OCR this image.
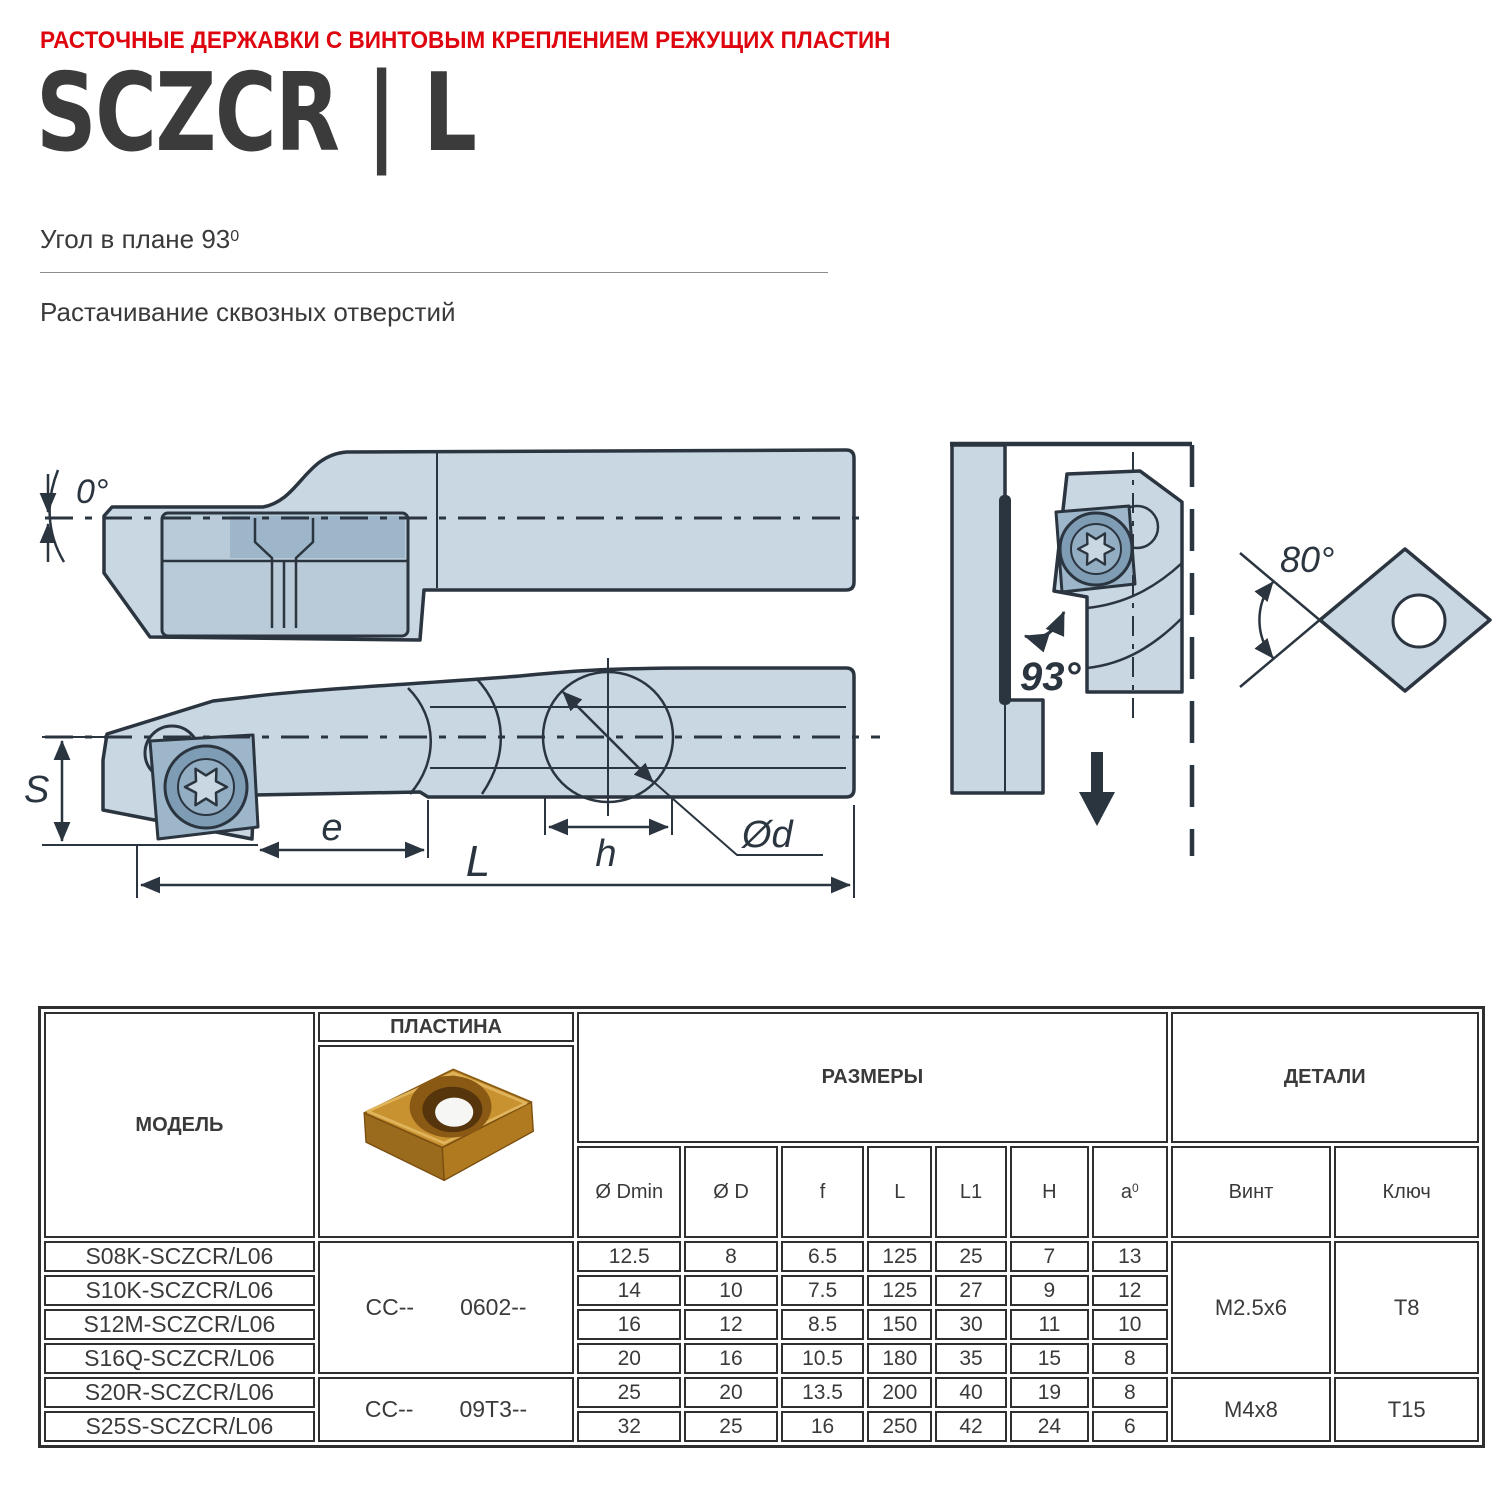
РАСТОЧНЫЕ ДЕРЖАВКИ С ВИНТОВЫМ КРЕПЛЕНИЕМ РЕЖУЩИХ ПЛАСТИН
SCZCR | L
Угол в плане $93^0$
Растачивание сквозных отверстий
0°
S
e
L	h	Ød
93°
80°
МОДЕЛЬ	ПЛАСТИНА	РАЗМЕРЫ							ДЕТАЛИ	

		Ø Dmin	Ø D	f	L	L1	H	$a^0$	Винт	Ключ
S08K-SCZCR/L06	CC-- 0602--	12.5	8	6.5	125	25	7	13	M2.5x6	T8
S10K-SCZCR/L06		14	10	7.5	125	27	9	12		
S12M-SCZCR/L06		16	12	8.5	150	30	11	10		
S16Q-SCZCR/L06		20	16	10.5	180	35	15	8		
S20R-SCZCR/L06	CC-- 09T3--	25	20	13.5	200	40	19	8	M4x8	T15
S25S-SCZCR/L06		32	25	16	250	42	24	6		
